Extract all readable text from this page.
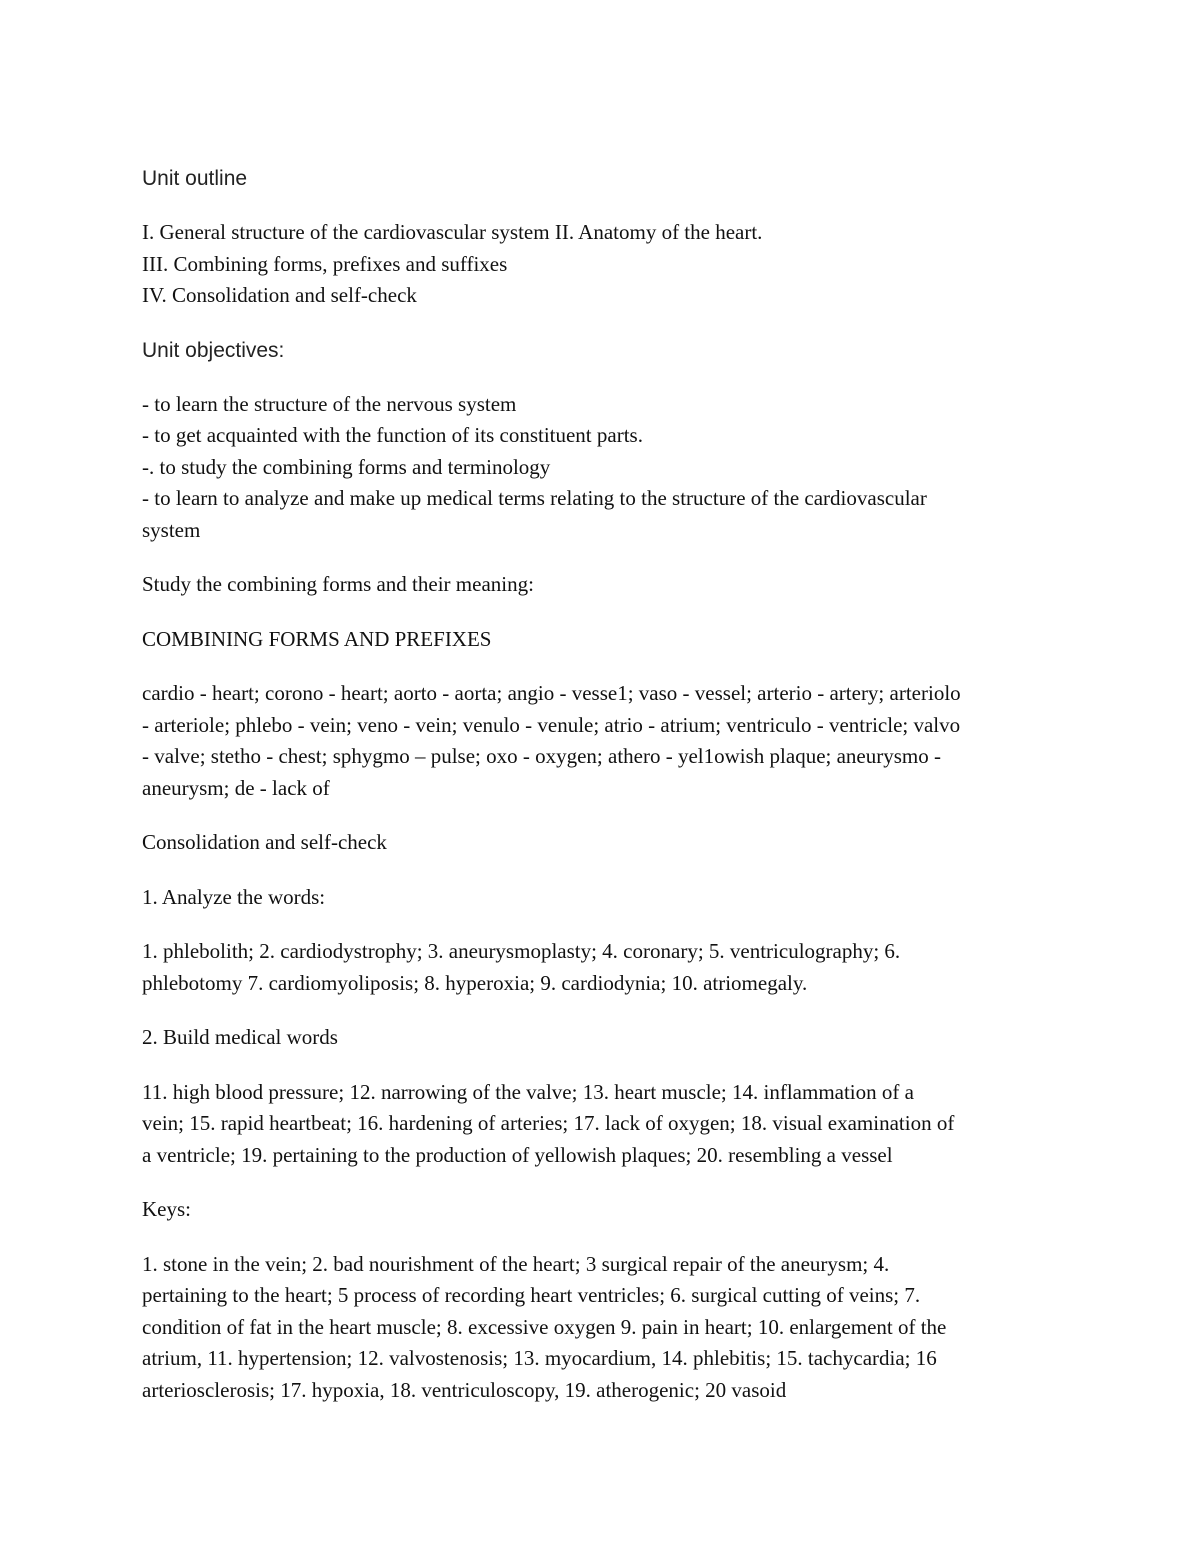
Unit outline

I. General structure of the cardiovascular system II. Anatomy of the heart.
III. Combining forms, prefixes and suffixes
IV. Consolidation and self-check

Unit objectives:

- to learn the structure of the nervous system
- to get acquainted with the function of its constituent parts.
-. to study the combining forms and terminology
- to learn to analyze and make up medical terms relating to the structure of the cardiovascular
system

Study the combining forms and their meaning:

COMBINING FORMS AND PREFIXES

cardio - heart; corono - heart; aorto - aorta; angio - vesse1; vaso - vessel; arterio - artery; arteriolo
- arteriole; phlebo - vein; veno - vein; venulo - venule; atrio - atrium; ventriculo - ventricle; valvo
- valve; stetho - chest; sphygmo – pulse; oxo - oxygen; athero - yel1owish plaque; aneurysmo -
aneurysm; de - lack of

Consolidation and self-check

1. Analyze the words:

1. phlebolith; 2. cardiodystrophy; 3. aneurysmoplasty; 4. coronary; 5. ventriculography; 6.
phlebotomy 7. cardiomyoliposis; 8. hyperoxia; 9. cardiodynia; 10. atriomegaly.

2. Build medical words

11. high blood pressure; 12. narrowing of the valve; 13. heart muscle; 14. inflammation of a
vein; 15. rapid heartbeat; 16. hardening of arteries; 17. lack of oxygen; 18. visual examination of
a ventricle; 19. pertaining to the production of yellowish plaques; 20. resembling a vessel

Keys:

1. stone in the vein; 2. bad nourishment of the heart; 3 surgical repair of the aneurysm; 4.
pertaining to the heart; 5 process of recording heart ventricles; 6. surgical cutting of veins; 7.
condition of fat in the heart muscle; 8. excessive oxygen 9. pain in heart; 10. enlargement of the
atrium, 11. hypertension; 12. valvostenosis; 13. myocardium, 14. phlebitis; 15. tachycardia; 16
arteriosclerosis; 17. hypoxia, 18. ventriculoscopy, 19. atherogenic; 20 vasoid
